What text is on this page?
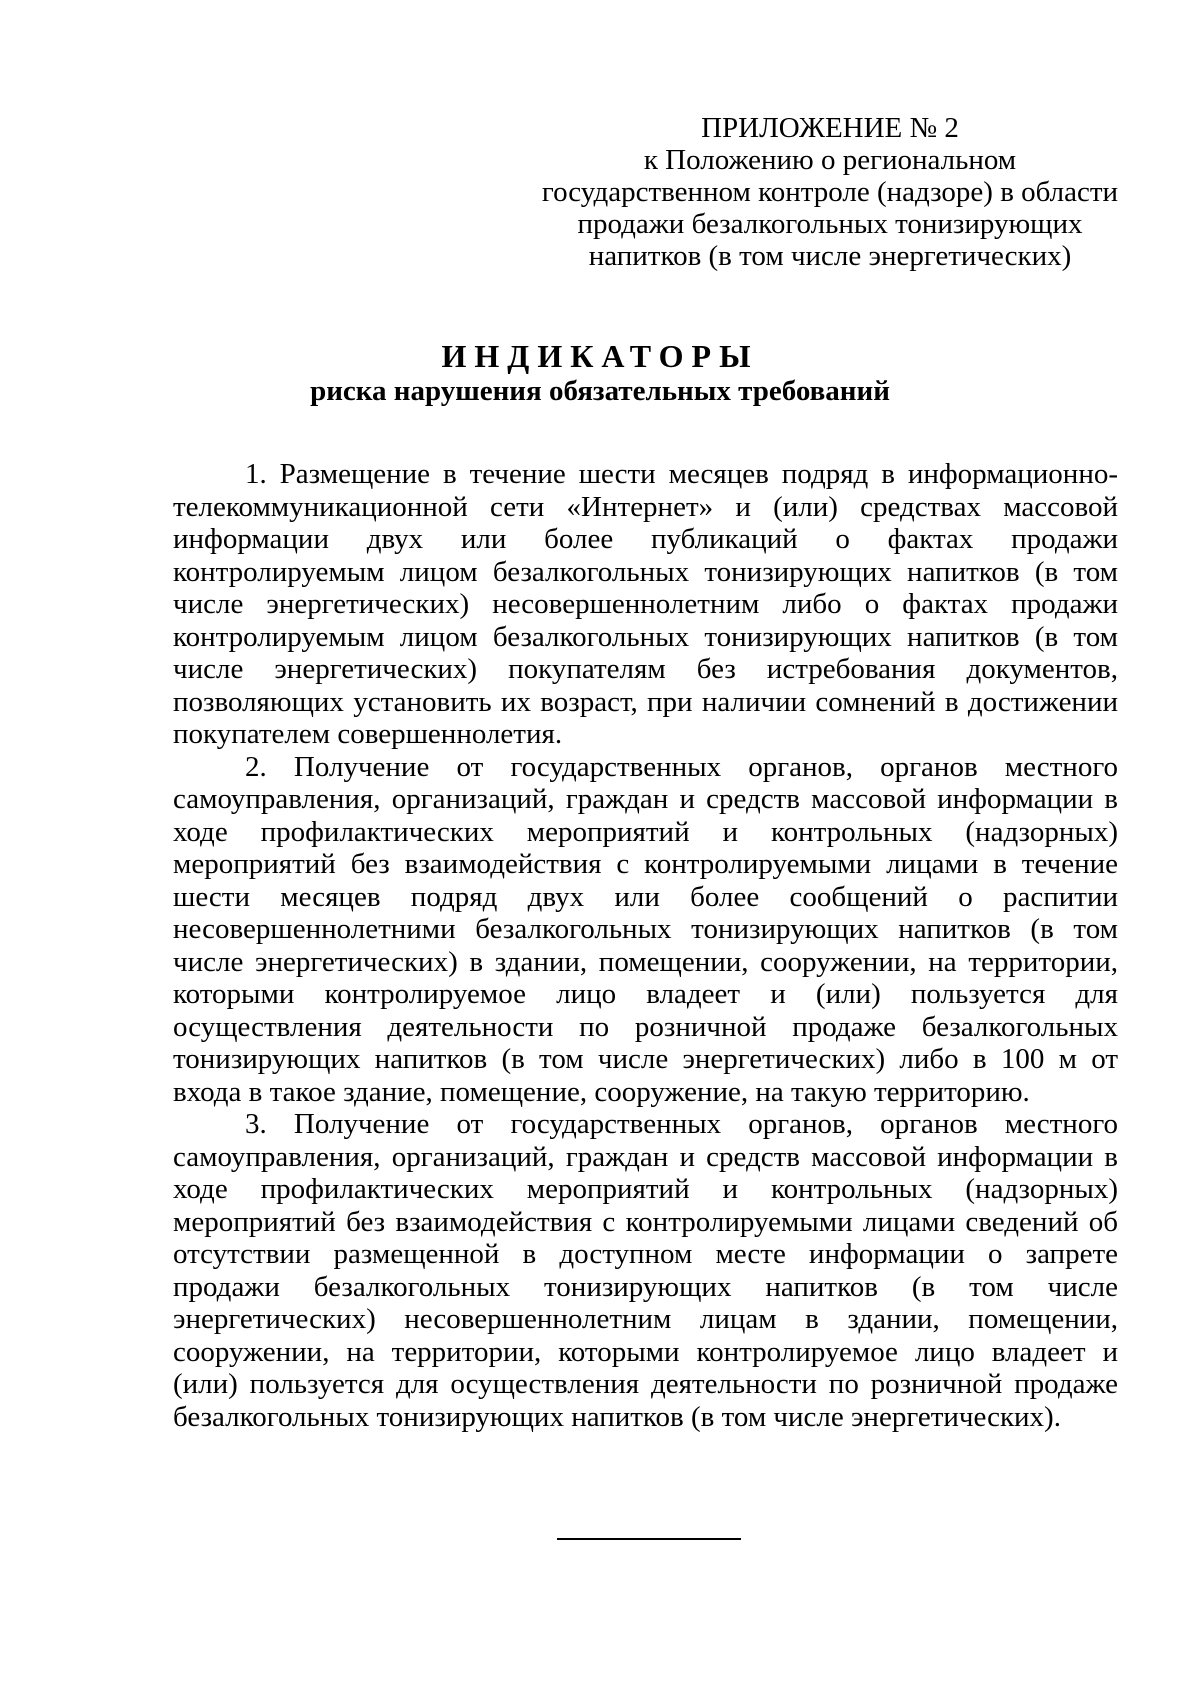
ПРИЛОЖЕНИЕ № 2
к Положению о региональном
государственном контроле (надзоре) в области
продажи безалкогольных тонизирующих
напитков (в том числе энергетических)
ИНДИКАТОРЫ
риска нарушения обязательных требований

1. Размещение в течение шести месяцев подряд в информационно-телекоммуникационной сети «Интернет» и (или) средствах массовой информации двух или более публикаций о фактах продажи контролируемым лицом безалкогольных тонизирующих напитков (в том числе энергетических) несовершеннолетним либо о фактах продажи контролируемым лицом безалкогольных тонизирующих напитков (в том числе энергетических) покупателям без истребования документов, позволяющих установить их возраст, при наличии сомнений в достижении покупателем совершеннолетия.

2. Получение от государственных органов, органов местного самоуправления, организаций, граждан и средств массовой информации в ходе профилактических мероприятий и контрольных (надзорных) мероприятий без взаимодействия с контролируемыми лицами в течение шести месяцев подряд двух или более сообщений о распитии несовершеннолетними безалкогольных тонизирующих напитков (в том числе энергетических) в здании, помещении, сооружении, на территории, которыми контролируемое лицо владеет и (или) пользуется для осуществления деятельности по розничной продаже безалкогольных тонизирующих напитков (в том числе энергетических) либо в 100 м от входа в такое здание, помещение, сооружение, на такую территорию.

3. Получение от государственных органов, органов местного самоуправления, организаций, граждан и средств массовой информации в ходе профилактических мероприятий и контрольных (надзорных) мероприятий без взаимодействия с контролируемыми лицами сведений об отсутствии размещенной в доступном месте информации о запрете продажи безалкогольных тонизирующих напитков (в том числе энергетических) несовершеннолетним лицам в здании, помещении, сооружении, на территории, которыми контролируемое лицо владеет и (или) пользуется для осуществления деятельности по розничной продаже безалкогольных тонизирующих напитков (в том числе энергетических).
